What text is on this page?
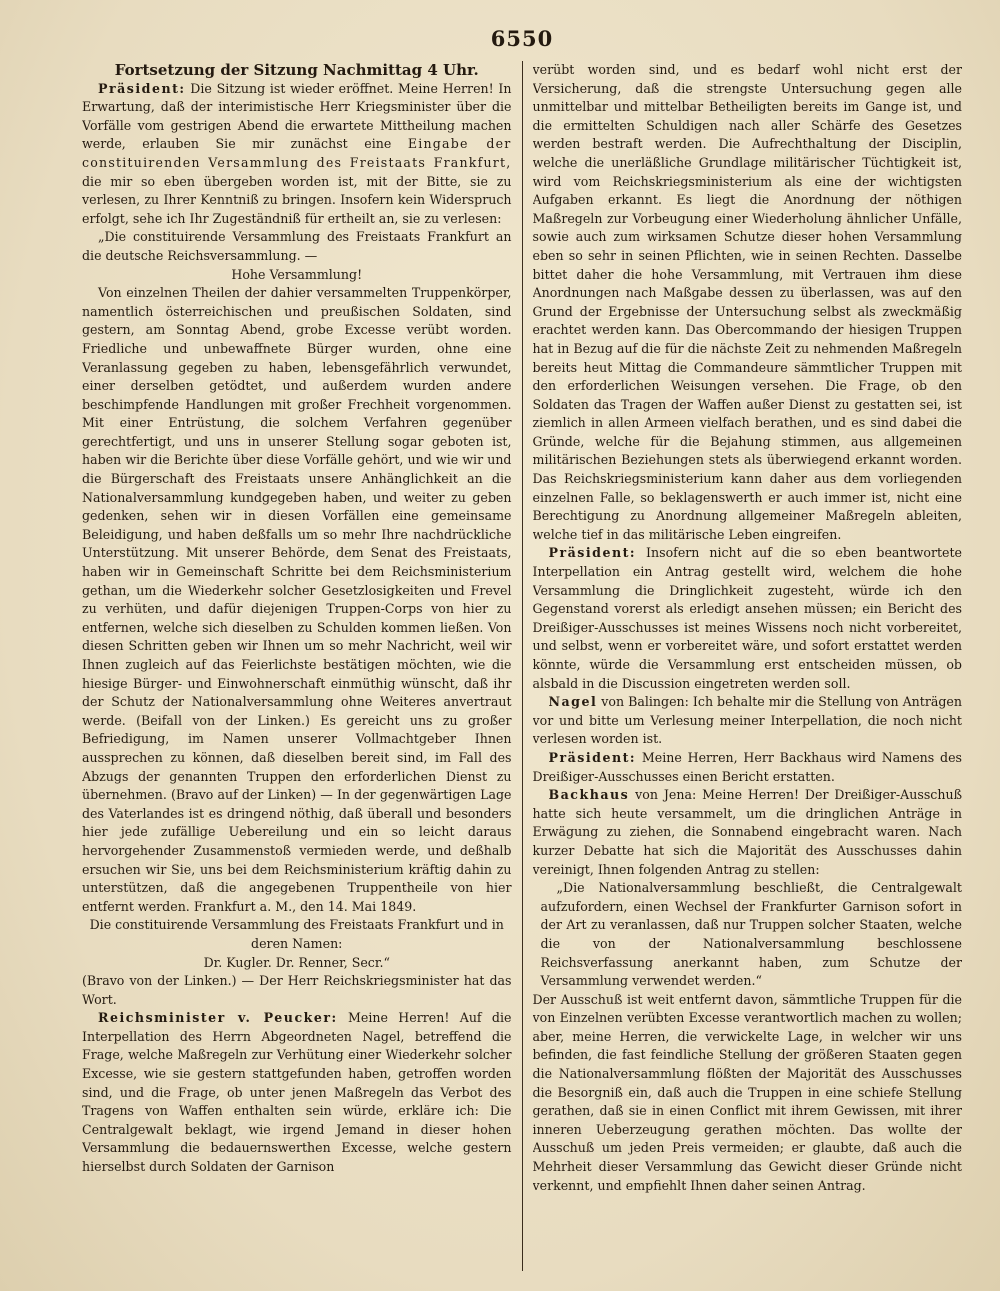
6550

Fortsetzung der Sitzung Nachmittag 4 Uhr.

Präsident: Die Sitzung ist wieder eröffnet. Meine Herren! In Erwartung, daß der interimistische Herr Kriegsminister über die Vorfälle vom gestrigen Abend die erwartete Mittheilung machen werde, erlauben Sie mir zunächst eine Eingabe der constituirenden Versammlung des Freistaats Frankfurt, die mir so eben übergeben worden ist, mit der Bitte, sie zu verlesen, zu Ihrer Kenntniß zu bringen. Insofern kein Widerspruch erfolgt, sehe ich Ihr Zugeständniß für ertheilt an, sie zu verlesen:

„Die constituirende Versammlung des Freistaats Frankfurt an die deutsche Reichsversammlung. —

Hohe Versammlung!

Von einzelnen Theilen der dahier versammelten Truppenkörper, namentlich österreichischen und preußischen Soldaten, sind gestern, am Sonntag Abend, grobe Excesse verübt worden. Friedliche und unbewaffnete Bürger wurden, ohne eine Veranlassung gegeben zu haben, lebensgefährlich verwundet, einer derselben getödtet, und außerdem wurden andere beschimpfende Handlungen mit großer Frechheit vorgenommen. Mit einer Entrüstung, die solchem Verfahren gegenüber gerechtfertigt, und uns in unserer Stellung sogar geboten ist, haben wir die Berichte über diese Vorfälle gehört, und wie wir und die Bürgerschaft des Freistaats unsere Anhänglichkeit an die Nationalversammlung kundgegeben haben, und weiter zu geben gedenken, sehen wir in diesen Vorfällen eine gemeinsame Beleidigung, und haben deßfalls um so mehr Ihre nachdrückliche Unterstützung. Mit unserer Behörde, dem Senat des Freistaats, haben wir in Gemeinschaft Schritte bei dem Reichsministerium gethan, um die Wiederkehr solcher Gesetzlosigkeiten und Frevel zu verhüten, und dafür diejenigen Truppen-Corps von hier zu entfernen, welche sich dieselben zu Schulden kommen ließen. Von diesen Schritten geben wir Ihnen um so mehr Nachricht, weil wir Ihnen zugleich auf das Feierlichste bestätigen möchten, wie die hiesige Bürger- und Einwohnerschaft einmüthig wünscht, daß ihr der Schutz der Nationalversammlung ohne Weiteres anvertraut werde. (Beifall von der Linken.) Es gereicht uns zu großer Befriedigung, im Namen unserer Vollmachtgeber Ihnen aussprechen zu können, daß dieselben bereit sind, im Fall des Abzugs der genannten Truppen den erforderlichen Dienst zu übernehmen. (Bravo auf der Linken) — In der gegenwärtigen Lage des Vaterlandes ist es dringend nöthig, daß überall und besonders hier jede zufällige Uebereilung und ein so leicht daraus hervorgehender Zusammenstoß vermieden werde, und deßhalb ersuchen wir Sie, uns bei dem Reichsministerium kräftig dahin zu unterstützen, daß die angegebenen Truppentheile von hier entfernt werden. Frankfurt a. M., den 14. Mai 1849.

Die constituirende Versammlung des Freistaats Frankfurt und in deren Namen:

Dr. Kugler. Dr. Renner, Secr.“

(Bravo von der Linken.) — Der Herr Reichskriegsminister hat das Wort.

Reichsminister v. Peucker: Meine Herren! Auf die Interpellation des Herrn Abgeordneten Nagel, betreffend die Frage, welche Maßregeln zur Verhütung einer Wiederkehr solcher Excesse, wie sie gestern stattgefunden haben, getroffen worden sind, und die Frage, ob unter jenen Maßregeln das Verbot des Tragens von Waffen enthalten sein würde, erkläre ich: Die Centralgewalt beklagt, wie irgend Jemand in dieser hohen Versammlung die bedauernswerthen Excesse, welche gestern hierselbst durch Soldaten der Garnison

verübt worden sind, und es bedarf wohl nicht erst der Versicherung, daß die strengste Untersuchung gegen alle unmittelbar und mittelbar Betheiligten bereits im Gange ist, und die ermittelten Schuldigen nach aller Schärfe des Gesetzes werden bestraft werden. Die Aufrechthaltung der Disciplin, welche die unerläßliche Grundlage militärischer Tüchtigkeit ist, wird vom Reichskriegsministerium als eine der wichtigsten Aufgaben erkannt. Es liegt die Anordnung der nöthigen Maßregeln zur Vorbeugung einer Wiederholung ähnlicher Unfälle, sowie auch zum wirksamen Schutze dieser hohen Versammlung eben so sehr in seinen Pflichten, wie in seinen Rechten. Dasselbe bittet daher die hohe Versammlung, mit Vertrauen ihm diese Anordnungen nach Maßgabe dessen zu überlassen, was auf den Grund der Ergebnisse der Untersuchung selbst als zweckmäßig erachtet werden kann. Das Obercommando der hiesigen Truppen hat in Bezug auf die für die nächste Zeit zu nehmenden Maßregeln bereits heut Mittag die Commandeure sämmtlicher Truppen mit den erforderlichen Weisungen versehen. Die Frage, ob den Soldaten das Tragen der Waffen außer Dienst zu gestatten sei, ist ziemlich in allen Armeen vielfach berathen, und es sind dabei die Gründe, welche für die Bejahung stimmen, aus allgemeinen militärischen Beziehungen stets als überwiegend erkannt worden. Das Reichskriegsministerium kann daher aus dem vorliegenden einzelnen Falle, so beklagenswerth er auch immer ist, nicht eine Berechtigung zu Anordnung allgemeiner Maßregeln ableiten, welche tief in das militärische Leben eingreifen.

Präsident: Insofern nicht auf die so eben beantwortete Interpellation ein Antrag gestellt wird, welchem die hohe Versammlung die Dringlichkeit zugesteht, würde ich den Gegenstand vorerst als erledigt ansehen müssen; ein Bericht des Dreißiger-Ausschusses ist meines Wissens noch nicht vorbereitet, und selbst, wenn er vorbereitet wäre, und sofort erstattet werden könnte, würde die Versammlung erst entscheiden müssen, ob alsbald in die Discussion eingetreten werden soll.

Nagel von Balingen: Ich behalte mir die Stellung von Anträgen vor und bitte um Verlesung meiner Interpellation, die noch nicht verlesen worden ist.

Präsident: Meine Herren, Herr Backhaus wird Namens des Dreißiger-Ausschusses einen Bericht erstatten.

Backhaus von Jena: Meine Herren! Der Dreißiger-Ausschuß hatte sich heute versammelt, um die dringlichen Anträge in Erwägung zu ziehen, die Sonnabend eingebracht waren. Nach kurzer Debatte hat sich die Majorität des Ausschusses dahin vereinigt, Ihnen folgenden Antrag zu stellen:

„Die Nationalversammlung beschließt, die Centralgewalt aufzufordern, einen Wechsel der Frankfurter Garnison sofort in der Art zu veranlassen, daß nur Truppen solcher Staaten, welche die von der Nationalversammlung beschlossene Reichsverfassung anerkannt haben, zum Schutze der Versammlung verwendet werden.“

Der Ausschuß ist weit entfernt davon, sämmtliche Truppen für die von Einzelnen verübten Excesse verantwortlich machen zu wollen; aber, meine Herren, die verwickelte Lage, in welcher wir uns befinden, die fast feindliche Stellung der größeren Staaten gegen die Nationalversammlung flößten der Majorität des Ausschusses die Besorgniß ein, daß auch die Truppen in eine schiefe Stellung gerathen, daß sie in einen Conflict mit ihrem Gewissen, mit ihrer inneren Ueberzeugung gerathen möchten. Das wollte der Ausschuß um jeden Preis vermeiden; er glaubte, daß auch die Mehrheit dieser Versammlung das Gewicht dieser Gründe nicht verkennt, und empfiehlt Ihnen daher seinen Antrag.
